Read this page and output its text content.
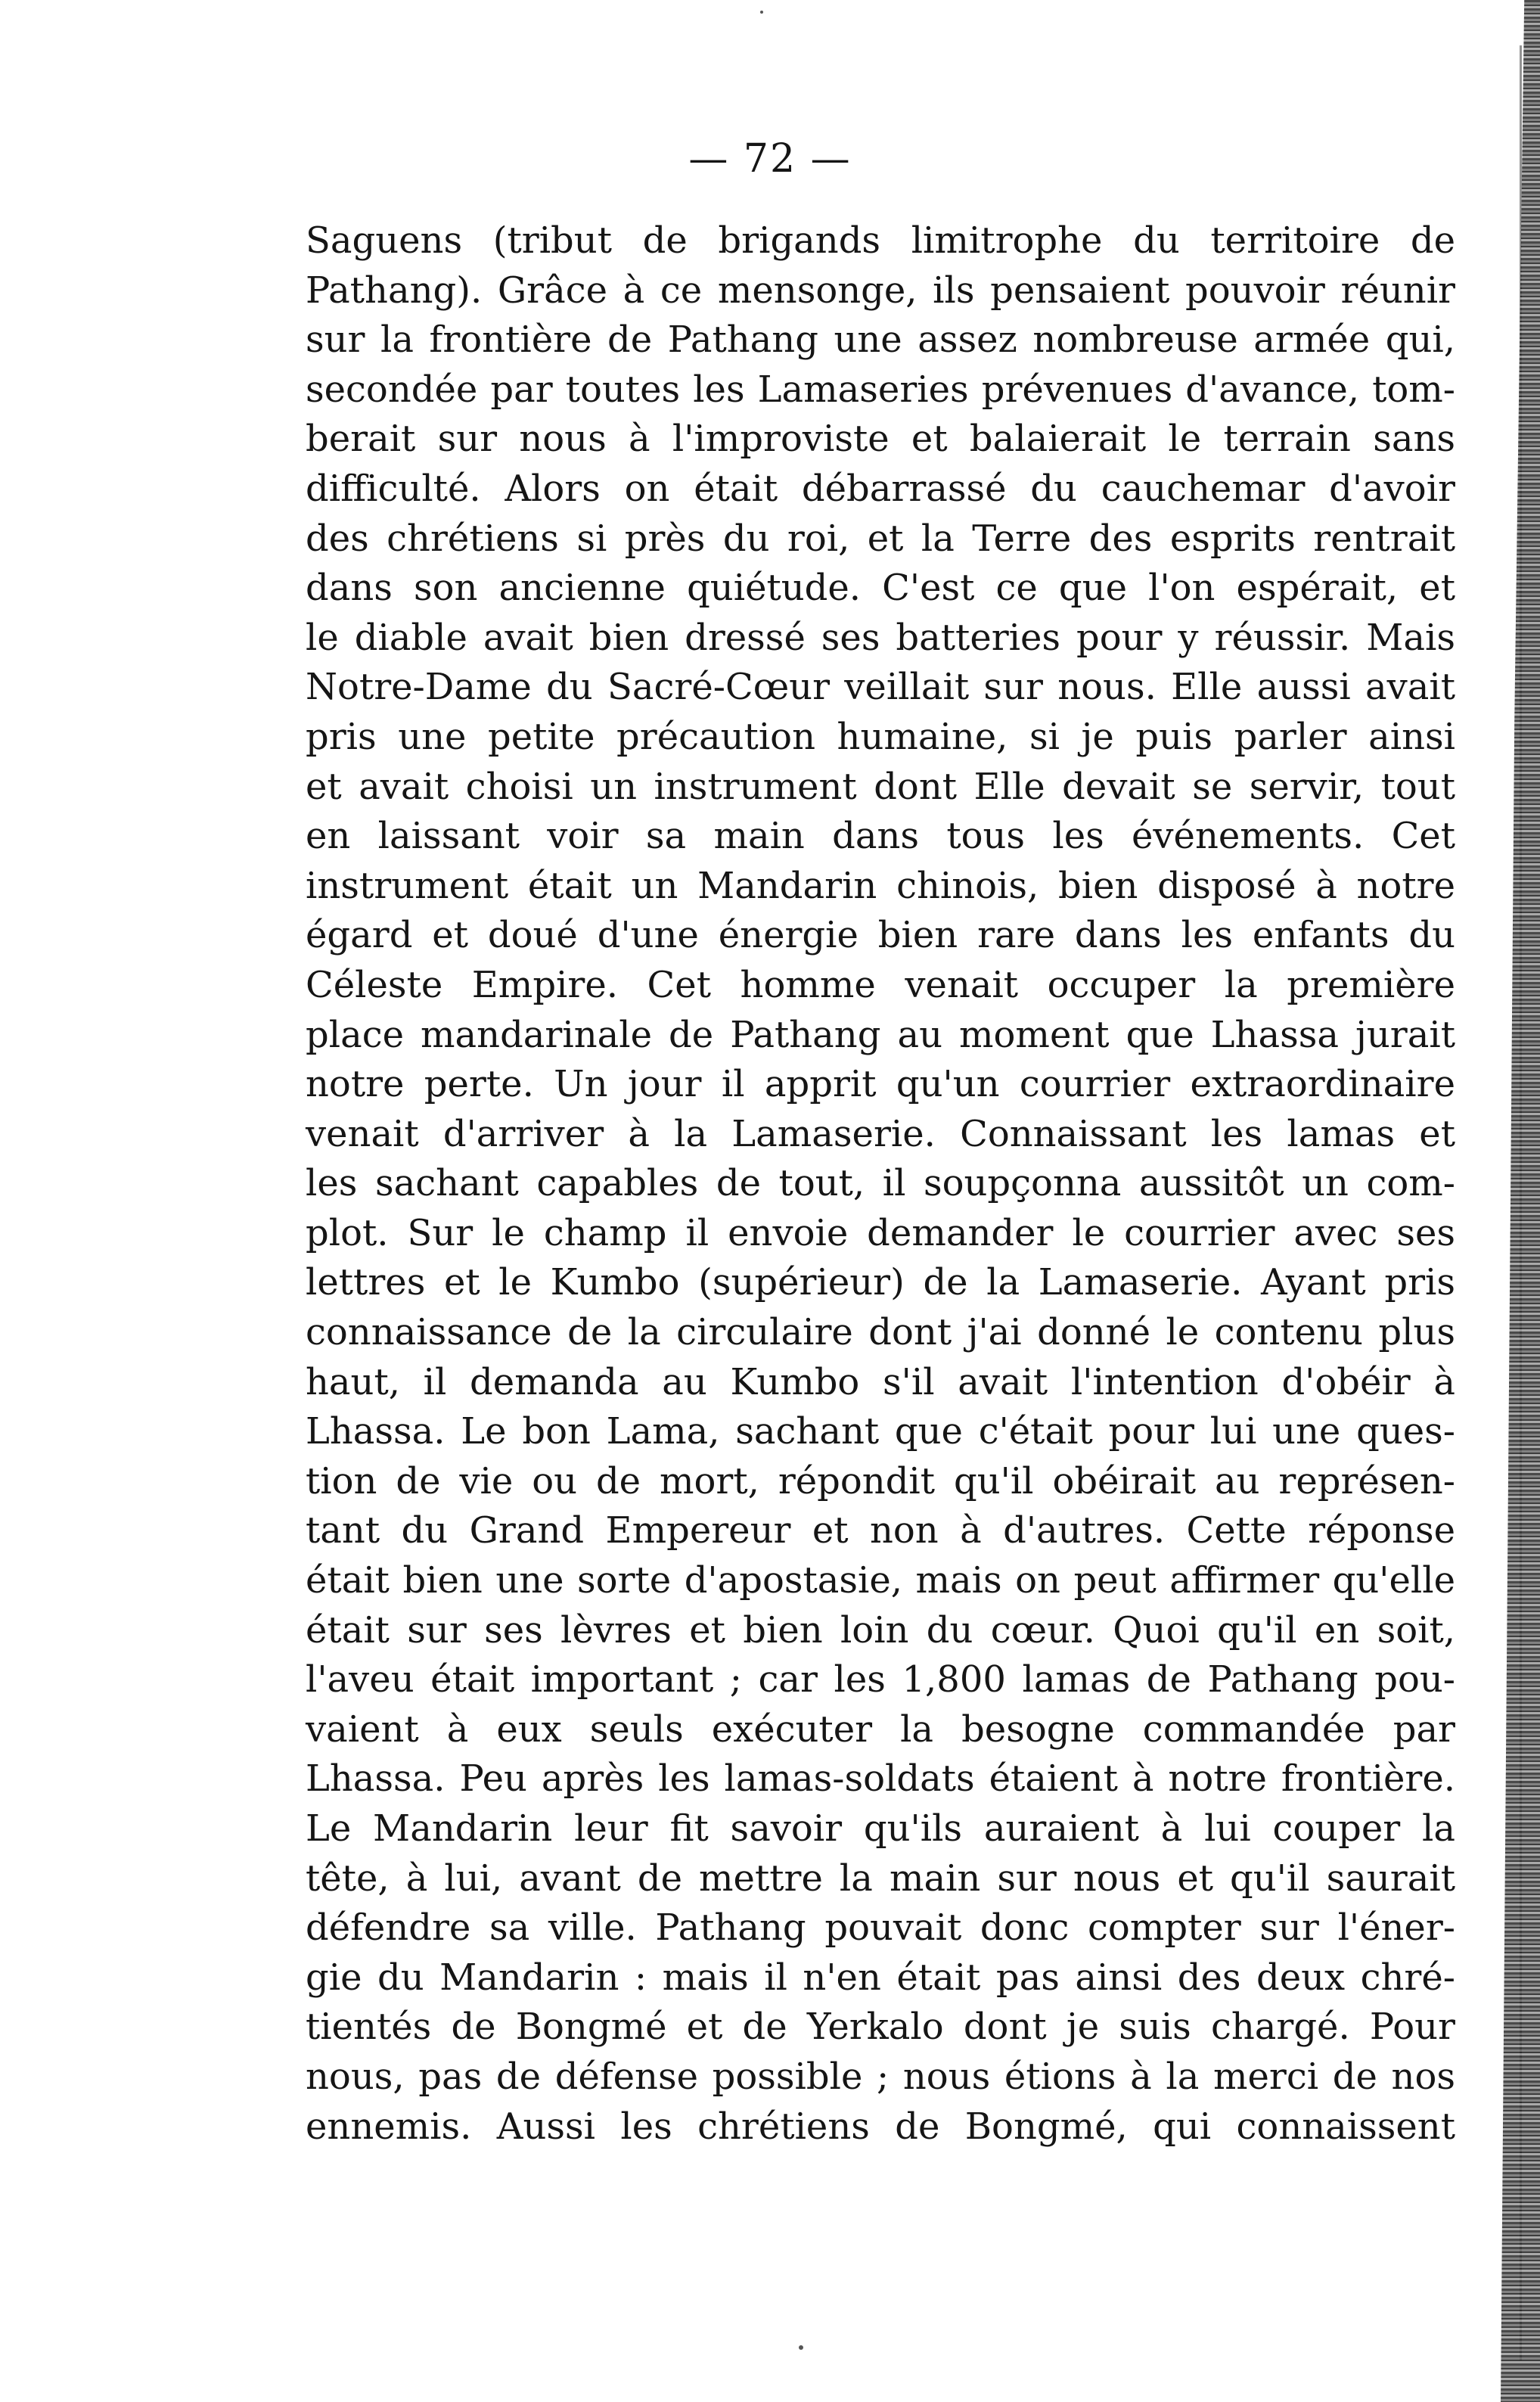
— 72 —
Saguens (tribut de brigands limitrophe du territoire de
Pathang). Grâce à ce mensonge, ils pensaient pouvoir réunir
sur la frontière de Pathang une assez nombreuse armée qui,
secondée par toutes les Lamaseries prévenues d'avance, tom-
berait sur nous à l'improviste et balaierait le terrain sans
difficulté. Alors on était débarrassé du cauchemar d'avoir
des chrétiens si près du roi, et la Terre des esprits rentrait
dans son ancienne quiétude. C'est ce que l'on espérait, et
le diable avait bien dressé ses batteries pour y réussir. Mais
Notre-Dame du Sacré-Cœur veillait sur nous. Elle aussi avait
pris une petite précaution humaine, si je puis parler ainsi
et avait choisi un instrument dont Elle devait se servir, tout
en laissant voir sa main dans tous les événements. Cet
instrument était un Mandarin chinois, bien disposé à notre
égard et doué d'une énergie bien rare dans les enfants du
Céleste Empire. Cet homme venait occuper la première
place mandarinale de Pathang au moment que Lhassa jurait
notre perte. Un jour il apprit qu'un courrier extraordinaire
venait d'arriver à la Lamaserie. Connaissant les lamas et
les sachant capables de tout, il soupçonna aussitôt un com-
plot. Sur le champ il envoie demander le courrier avec ses
lettres et le Kumbo (supérieur) de la Lamaserie. Ayant pris
connaissance de la circulaire dont j'ai donné le contenu plus
haut, il demanda au Kumbo s'il avait l'intention d'obéir à
Lhassa. Le bon Lama, sachant que c'était pour lui une ques-
tion de vie ou de mort, répondit qu'il obéirait au représen-
tant du Grand Empereur et non à d'autres. Cette réponse
était bien une sorte d'apostasie, mais on peut affirmer qu'elle
était sur ses lèvres et bien loin du cœur. Quoi qu'il en soit,
l'aveu était important ; car les 1,800 lamas de Pathang pou-
vaient à eux seuls exécuter la besogne commandée par
Lhassa. Peu après les lamas-soldats étaient à notre frontière.
Le Mandarin leur fit savoir qu'ils auraient à lui couper la
tête, à lui, avant de mettre la main sur nous et qu'il saurait
défendre sa ville. Pathang pouvait donc compter sur l'éner-
gie du Mandarin : mais il n'en était pas ainsi des deux chré-
tientés de Bongmé et de Yerkalo dont je suis chargé. Pour
nous, pas de défense possible ; nous étions à la merci de nos
ennemis. Aussi les chrétiens de Bongmé, qui connaissent
